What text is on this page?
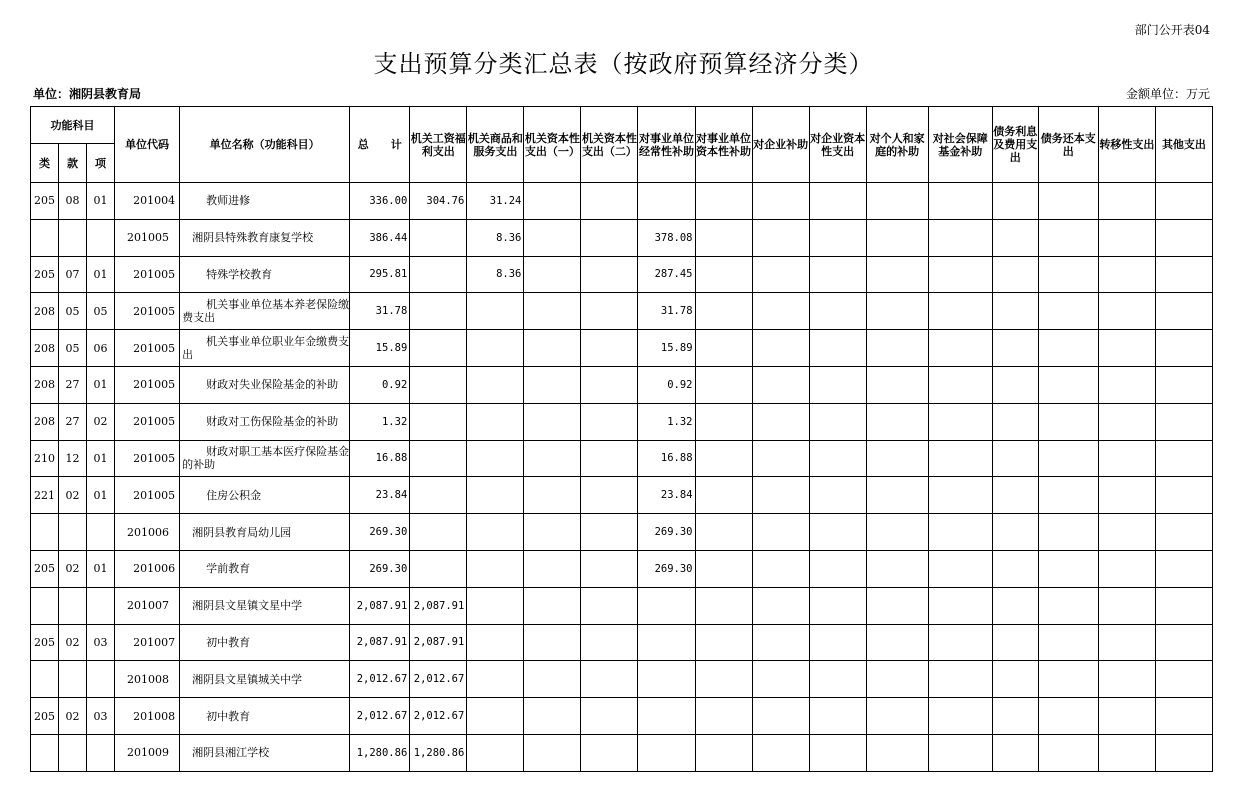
部门公开表04
支出预算分类汇总表（按政府预算经济分类）
单位：湘阴县教育局	金额单位：万元
功能科目			单位代码	单位名称（功能科目）	总　　计	机关工资福利支出	机关商品和服务支出	机关资本性支出（一）	机关资本性支出（二）	对事业单位经常性补助	对事业单位资本性补助	对企业补助	对企业资本性支出	对个人和家庭的补助	对社会保障基金补助	债务利息及费用支出	债务还本支出	转移性支出	其他支出
类	款	项																	
205	08	01	201004	教师进修	336.00	304.76	31.24												
			201005	湘阴县特殊教育康复学校	386.44		8.36			378.08									
205	07	01	201005	特殊学校教育	295.81		8.36			287.45									
208	05	05	201005	机关事业单位基本养老保险缴费支出	31.78					31.78									
208	05	06	201005	机关事业单位职业年金缴费支出	15.89					15.89									
208	27	01	201005	财政对失业保险基金的补助	0.92					0.92									
208	27	02	201005	财政对工伤保险基金的补助	1.32					1.32									
210	12	01	201005	财政对职工基本医疗保险基金的补助	16.88					16.88									
221	02	01	201005	住房公积金	23.84					23.84									
			201006	湘阴县教育局幼儿园	269.30					269.30									
205	02	01	201006	学前教育	269.30					269.30									
			201007	湘阴县文星镇文星中学	2,087.91	2,087.91													
205	02	03	201007	初中教育	2,087.91	2,087.91													
			201008	湘阴县文星镇城关中学	2,012.67	2,012.67													
205	02	03	201008	初中教育	2,012.67	2,012.67													
			201009	湘阴县湘江学校	1,280.86	1,280.86													
